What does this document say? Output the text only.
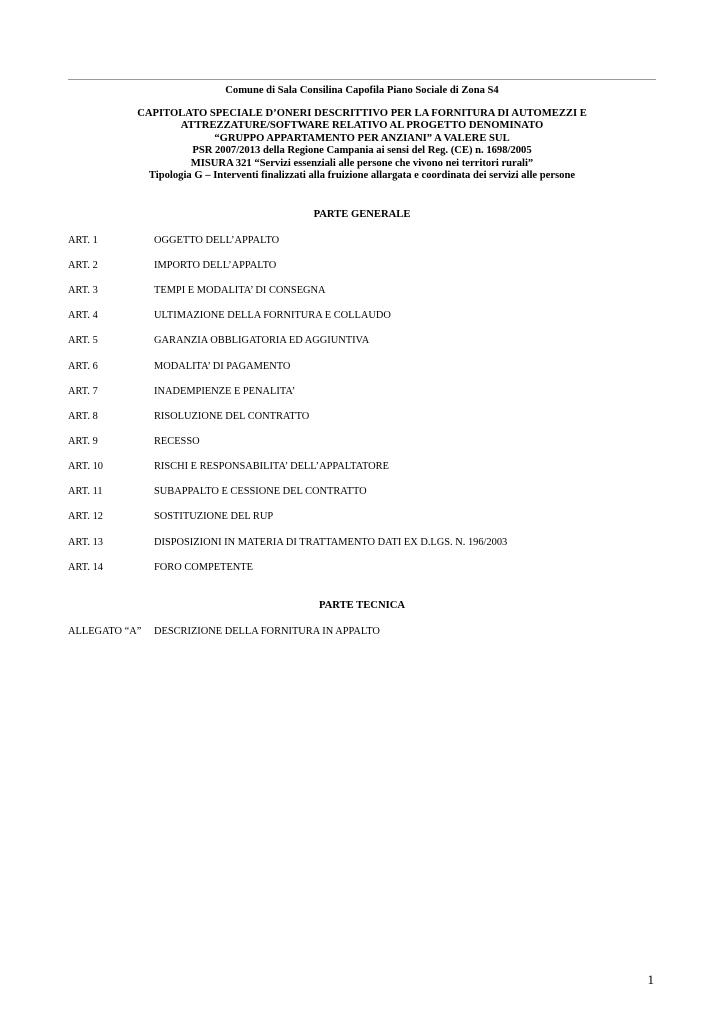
Comune di Sala Consilina Capofila Piano Sociale di Zona S4
CAPITOLATO SPECIALE D’ONERI DESCRITTIVO PER LA FORNITURA DI AUTOMEZZI E
ATTREZZATURE/SOFTWARE RELATIVO AL PROGETTO DENOMINATO
“GRUPPO APPARTAMENTO PER ANZIANI” A VALERE SUL
PSR 2007/2013 della Regione Campania ai sensi del Reg. (CE) n. 1698/2005
MISURA 321 “Servizi essenziali alle persone che vivono nei territori rurali”
Tipologia G – Interventi finalizzati alla fruizione allargata e coordinata dei servizi alle persone
PARTE GENERALE
ART. 1	OGGETTO DELL’APPALTO
ART. 2	IMPORTO DELL’APPALTO
ART. 3	TEMPI E MODALITA’ DI CONSEGNA
ART. 4	ULTIMAZIONE DELLA FORNITURA E COLLAUDO
ART. 5	GARANZIA OBBLIGATORIA ED AGGIUNTIVA
ART. 6	MODALITA’ DI PAGAMENTO
ART. 7	INADEMPIENZE E PENALITA’
ART. 8	RISOLUZIONE DEL CONTRATTO
ART. 9	RECESSO
ART. 10	RISCHI E RESPONSABILITA’ DELL’APPALTATORE
ART. 11	SUBAPPALTO E CESSIONE DEL CONTRATTO
ART. 12	SOSTITUZIONE DEL RUP
ART. 13	DISPOSIZIONI IN MATERIA DI TRATTAMENTO DATI EX D.LGS. N. 196/2003
ART. 14	FORO COMPETENTE
PARTE TECNICA
ALLEGATO “A” DESCRIZIONE DELLA FORNITURA IN APPALTO
1
